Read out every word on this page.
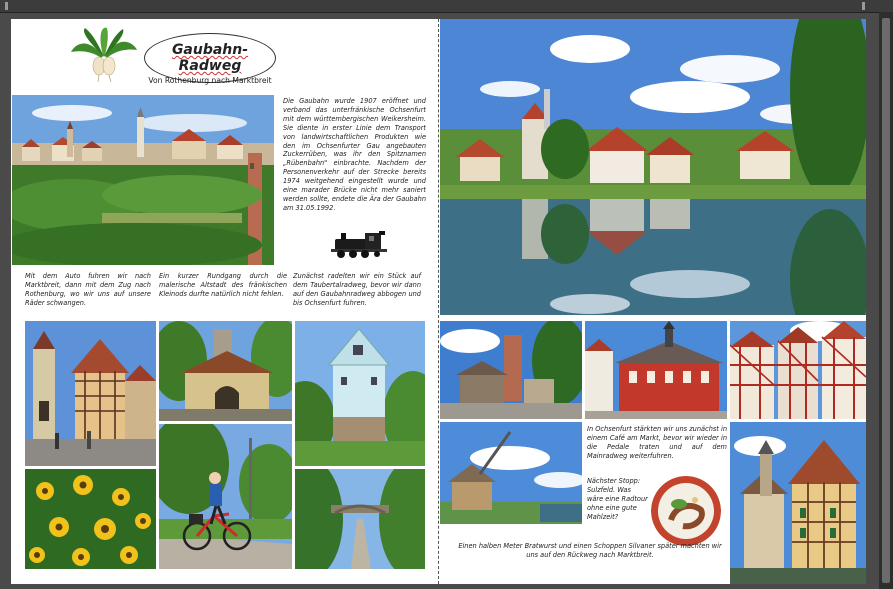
Gaubahn-Radweg
Von Rothenburg nach Marktbreit
Die Gaubahn wurde 1907 eröffnet und verband das unterfränkische Ochsenfurt mit dem württembergischen Weikersheim. Sie diente in erster Linie dem Transport von landwirtschaftlichen Produkten wie den im Ochsenfurter Gau angebauten Zuckerrüben, was ihr den Spitznamen „Rübenbahn" einbrachte. Nachdem der Personenverkehr auf der Strecke bereits 1974 weitgehend eingestellt wurde und eine marader Brücke nicht mehr saniert werden sollte, endete die Ära der Gaubahn am 31.05.1992.
Mit dem Auto fuhren wir nach Marktbreit, dann mit dem Zug nach Rothenburg, wo wir uns auf unsere Räder schwangen.
Ein kurzer Rundgang durch die malerische Altstadt des fränkischen Kleinods durfte natürlich nicht fehlen.
Zunächst radelten wir ein Stück auf dem Taubertalradweg, bevor wir dann auf den Gaubahnradweg abbogen und bis Ochsenfurt fuhren.
In Ochsenfurt stärkten wir uns zunächst in einem Café am Markt, bevor wir wieder in die Pedale traten und auf dem Mainradweg weiterfuhren.
Nächster Stopp: Sulzfeld. Was wäre eine Radtour ohne eine gute Mahlzeit?
Einen halben Meter Bratwurst und einen Schoppen Silvaner später machten wir uns auf den Rückweg nach Marktbreit.
